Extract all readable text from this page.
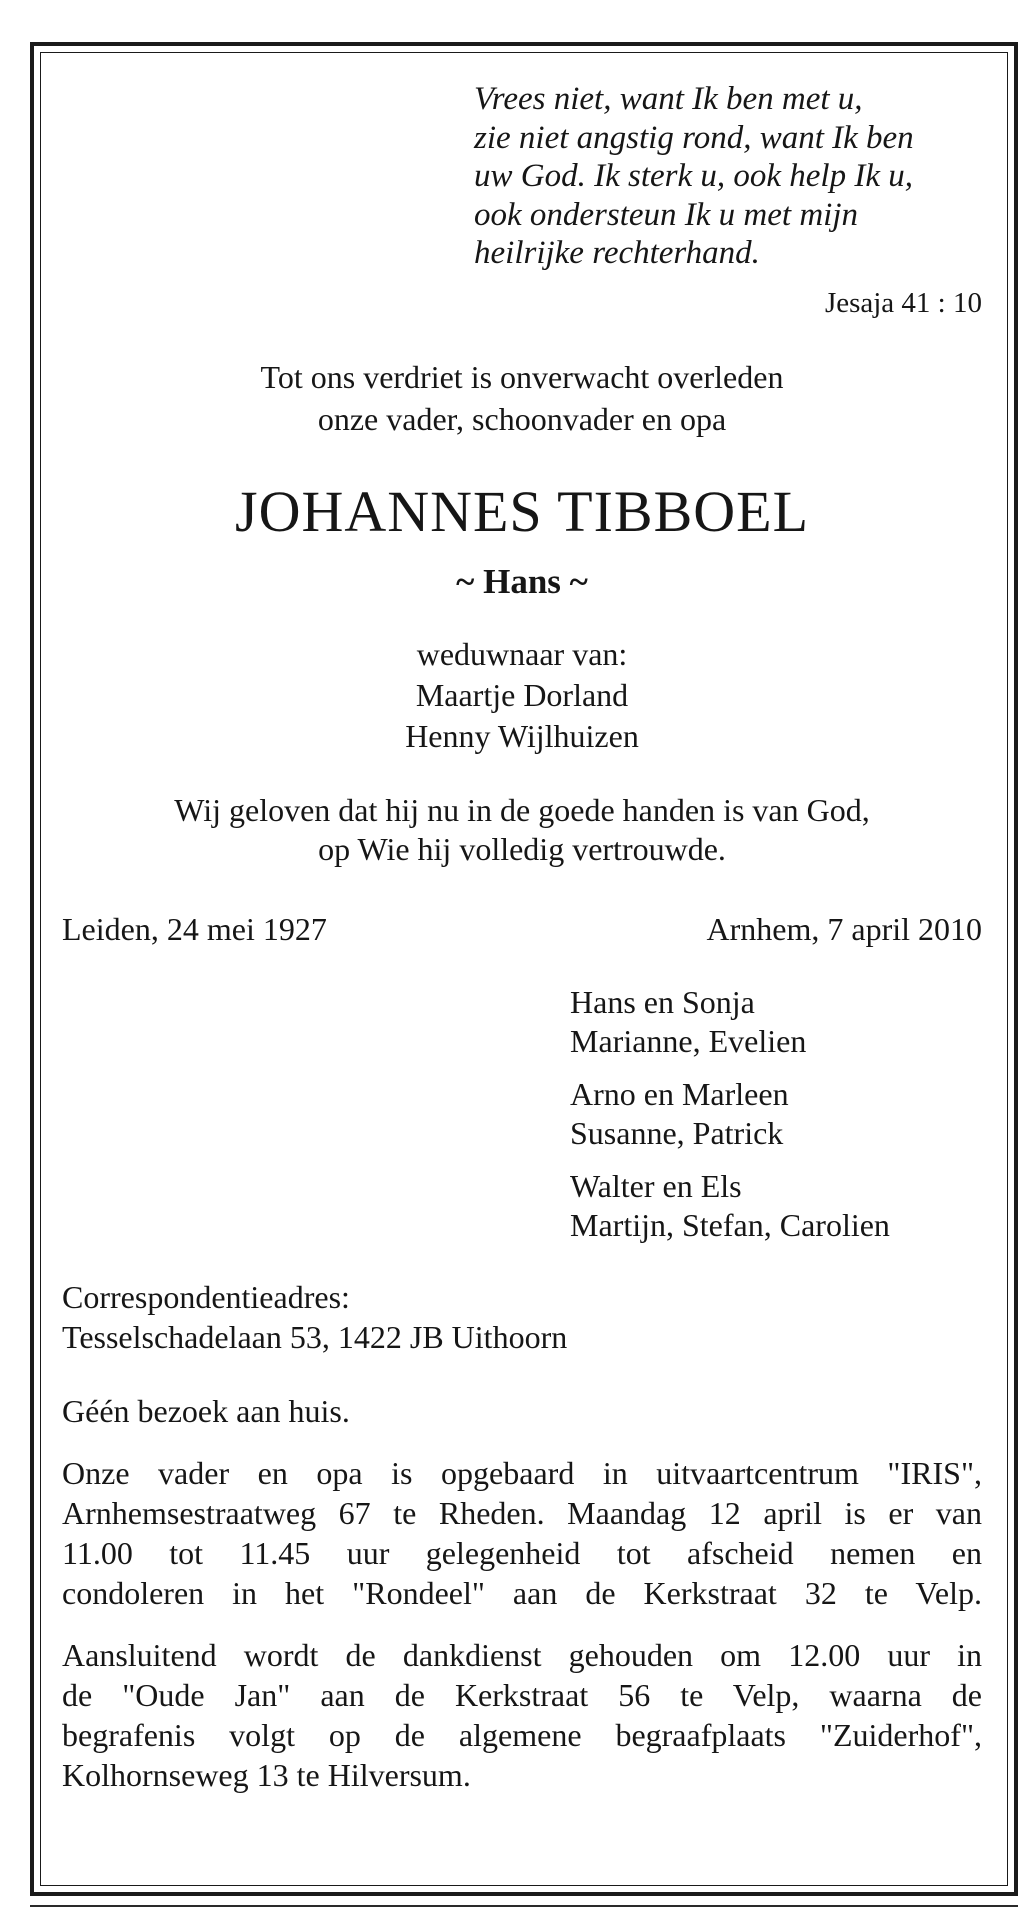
Vrees niet, want Ik ben met u,
zie niet angstig rond, want Ik ben
uw God. Ik sterk u, ook help Ik u,
ook ondersteun Ik u met mijn
heilrijke rechterhand.
Jesaja 41 : 10
Tot ons verdriet is onverwacht overleden
onze vader, schoonvader en opa
JOHANNES TIBBOEL
~ Hans ~
weduwnaar van:
Maartje Dorland
Henny Wijlhuizen
Wij geloven dat hij nu in de goede handen is van God,
op Wie hij volledig vertrouwde.
Leiden, 24 mei 1927	Arnhem, 7 april 2010
Hans en Sonja
Marianne, Evelien
Arno en Marleen
Susanne, Patrick
Walter en Els
Martijn, Stefan, Carolien
Correspondentieadres:
Tesselschadelaan 53, 1422 JB Uithoorn
Géén bezoek aan huis.
Onze vader en opa is opgebaard in uitvaartcentrum "IRIS",
Arnhemsestraatweg 67 te Rheden. Maandag 12 april is er van
11.00 tot 11.45 uur gelegenheid tot afscheid nemen en
condoleren in het "Rondeel" aan de Kerkstraat 32 te Velp.
Aansluitend wordt de dankdienst gehouden om 12.00 uur in
de "Oude Jan" aan de Kerkstraat 56 te Velp, waarna de
begrafenis volgt op de algemene begraafplaats "Zuiderhof",
Kolhornseweg 13 te Hilversum.
